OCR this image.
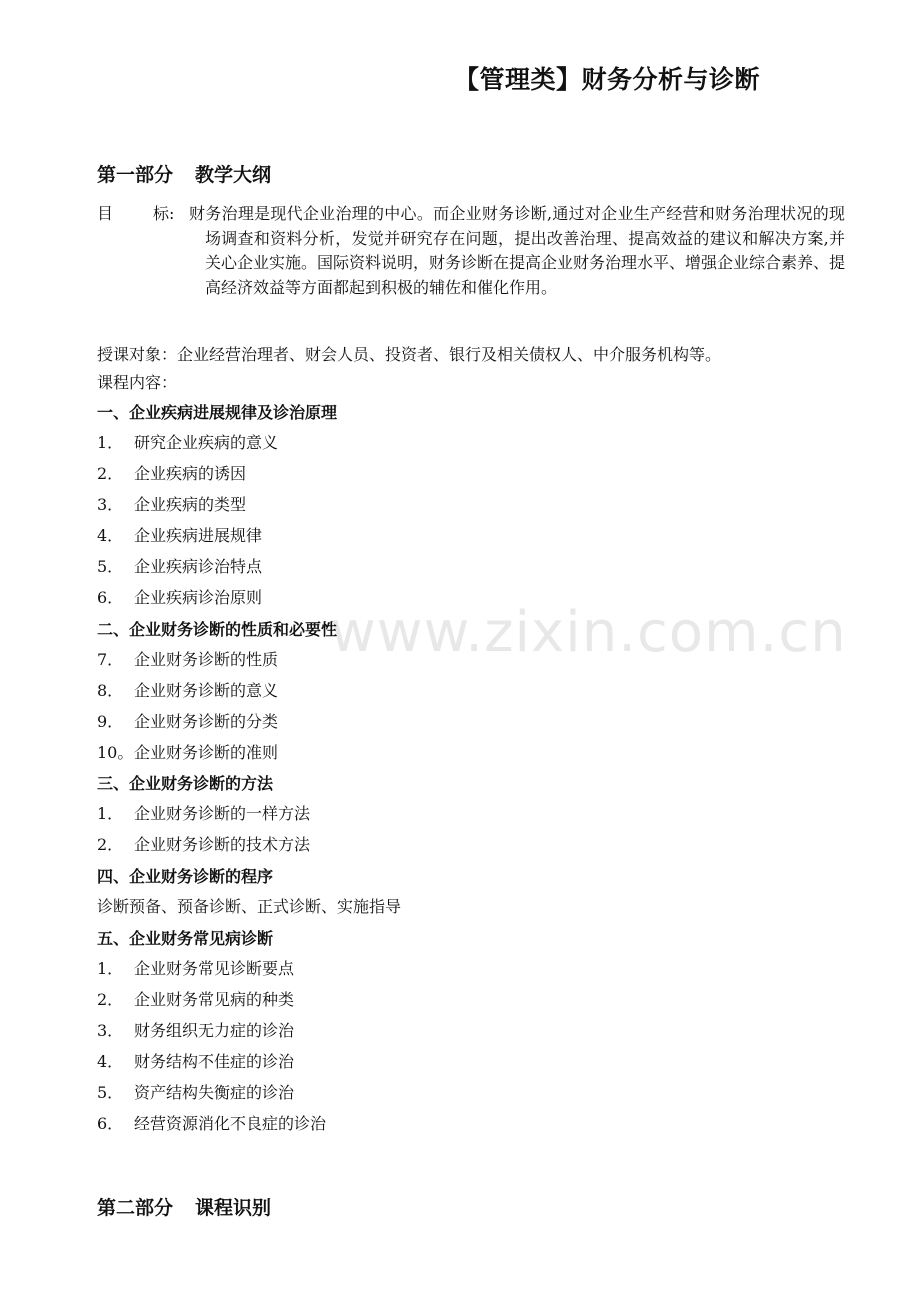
【管理类】财务分析与诊断
第一部分 教学大纲
目	标: 财务治理是现代企业治理的中心。而企业财务诊断,通过对企业生产经营和财务治理状况的现场调查和资料分析，发觉并研究存在问题，提出改善治理、提高效益的建议和解决方案,并关心企业实施。国际资料说明，财务诊断在提高企业财务治理水平、增强企业综合素养、提高经济效益等方面都起到积极的辅佐和催化作用。
授课对象：企业经营治理者、财会人员、投资者、银行及相关债权人、中介服务机构等。
课程内容：
一、企业疾病进展规律及诊治原理
1． 研究企业疾病的意义
2． 企业疾病的诱因
3． 企业疾病的类型
4． 企业疾病进展规律
5． 企业疾病诊治特点
6． 企业疾病诊治原则
二、企业财务诊断的性质和必要性
7． 企业财务诊断的性质
8． 企业财务诊断的意义
9． 企业财务诊断的分类
10。企业财务诊断的准则
三、企业财务诊断的方法
1． 企业财务诊断的一样方法
2． 企业财务诊断的技术方法
四、企业财务诊断的程序
诊断预备、预备诊断、正式诊断、实施指导
五、企业财务常见病诊断
1． 企业财务常见诊断要点
2． 企业财务常见病的种类
3． 财务组织无力症的诊治
4． 财务结构不佳症的诊治
5． 资产结构失衡症的诊治
6． 经营资源消化不良症的诊治
第二部分 课程识别
www.zixin.com.cn
